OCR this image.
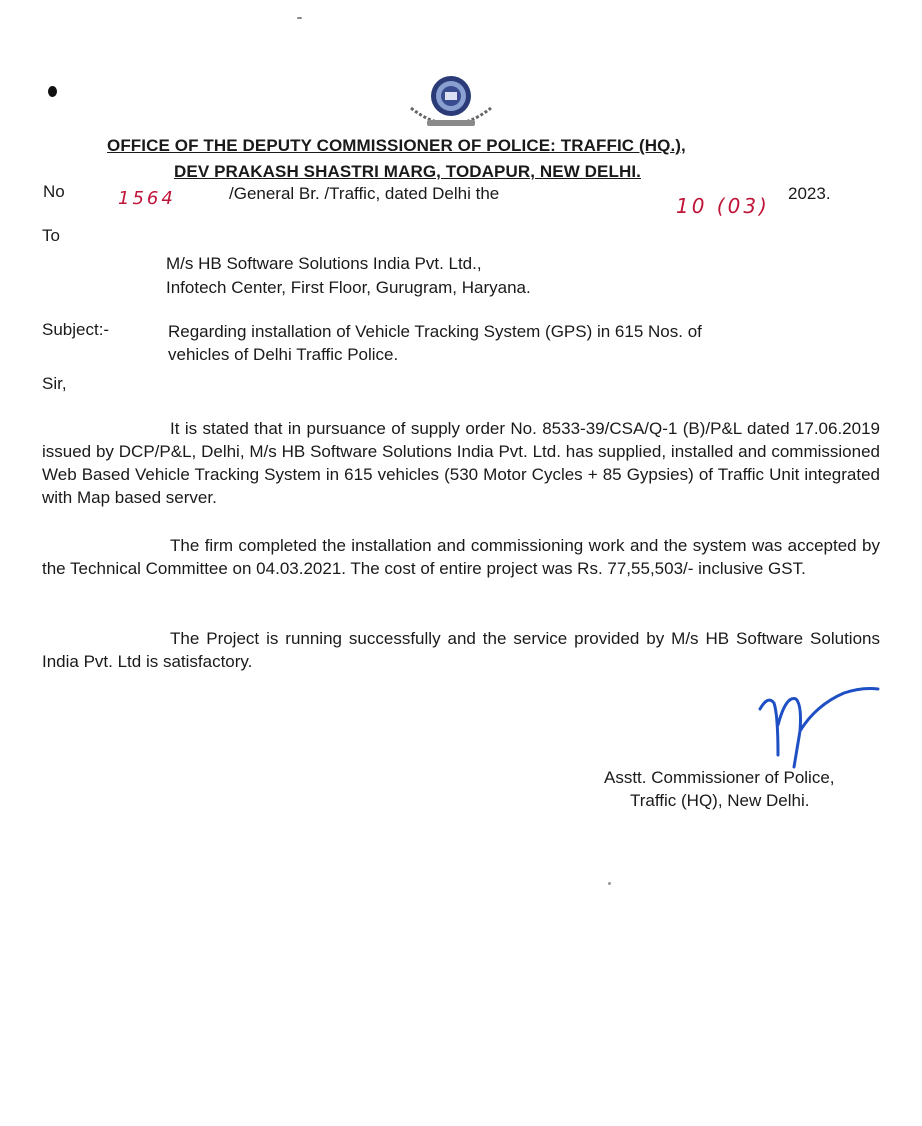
OFFICE OF THE DEPUTY COMMISSIONER OF POLICE: TRAFFIC (HQ.),
DEV PRAKASH SHASTRI MARG, TODAPUR, NEW DELHI.
No	1564	/General Br. /Traffic, dated Delhi the
10 (03)
2023.
To
M/s HB Software Solutions India Pvt. Ltd.,
Infotech Center, First Floor, Gurugram, Haryana.
Subject:-	Regarding installation of Vehicle Tracking System (GPS) in 615 Nos. of
vehicles of Delhi Traffic Police.
Sir,

It is stated that in pursuance of supply order No. 8533-39/CSA/Q-1 (B)/P&L dated 17.06.2019 issued by DCP/P&L, Delhi, M/s HB Software Solutions India Pvt. Ltd. has supplied, installed and commissioned Web Based Vehicle Tracking System in 615 vehicles (530 Motor Cycles + 85 Gypsies) of Traffic Unit integrated with Map based server.

The firm completed the installation and commissioning work and the system was accepted by the Technical Committee on 04.03.2021. The cost of entire project was Rs. 77,55,503/- inclusive GST.

The Project is running successfully and the service provided by M/s HB Software Solutions India Pvt. Ltd is satisfactory.

Asstt. Commissioner of Police,
Traffic (HQ), New Delhi.
